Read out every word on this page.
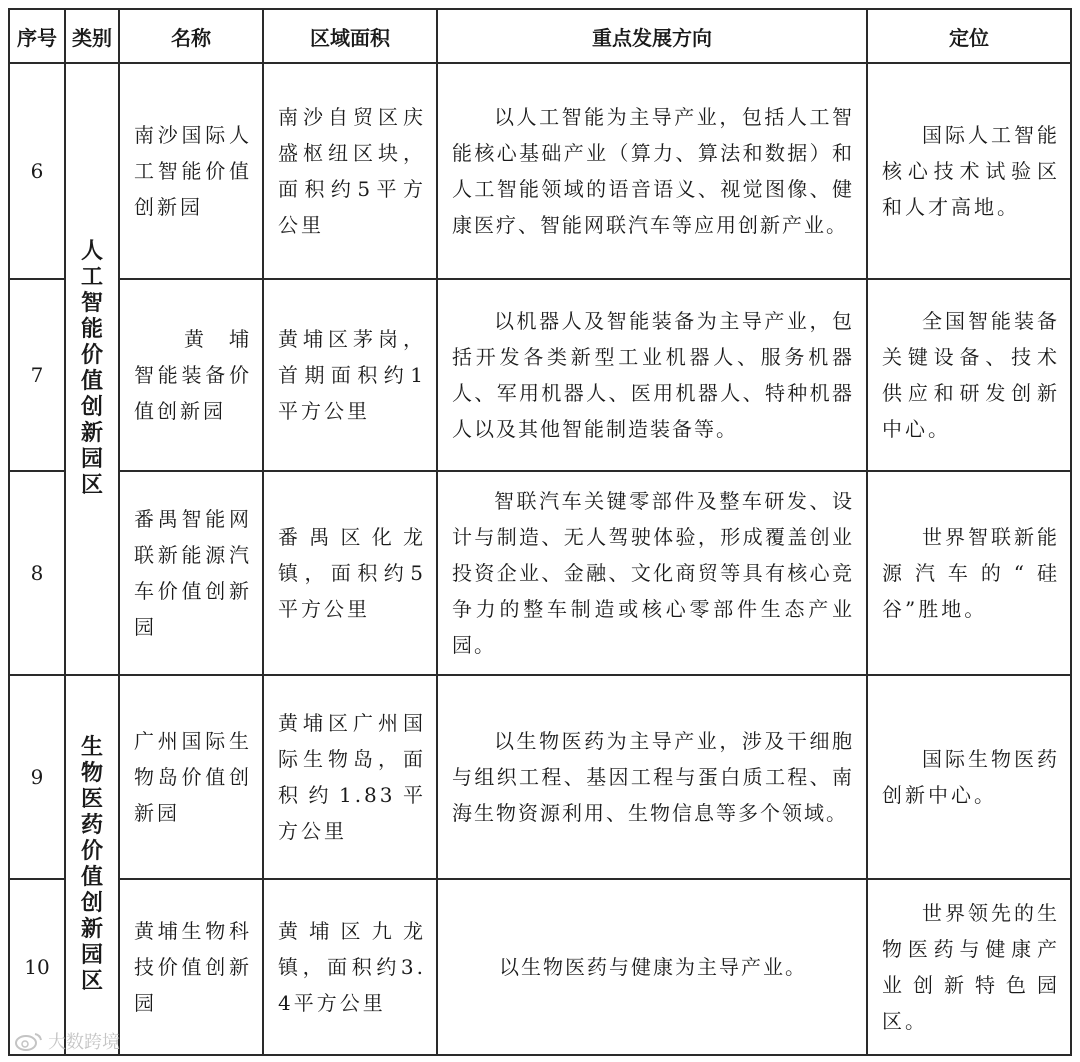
序号	类别	名称	区域面积	重点发展方向	定位
6	人工智能价值创新园区	南沙国际人工智能价值创新园	南沙自贸区庆盛枢纽区块，面积约5平方公里	以人工智能为主导产业，包括人工智能核心基础产业（算力、算法和数据）和人工智能领域的语音语义、视觉图像、健康医疗、智能网联汽车等应用创新产业。	国际人工智能核心技术试验区和人才高地。
7		黄埔智能装备价值创新园	黄埔区茅岗，首期面积约1平方公里	以机器人及智能装备为主导产业，包括开发各类新型工业机器人、服务机器人、军用机器人、医用机器人、特种机器人以及其他智能制造装备等。	全国智能装备关键设备、技术供应和研发创新中心。
8		番禺智能网联新能源汽车价值创新园	番禺区化龙镇，面积约5平方公里	智联汽车关键零部件及整车研发、设计与制造、无人驾驶体验，形成覆盖创业投资企业、金融、文化商贸等具有核心竞争力的整车制造或核心零部件生态产业园。	世界智联新能源汽车的“硅谷”胜地。
9	生物医药价值创新园区	广州国际生物岛价值创新园	黄埔区广州国际生物岛，面积约1.83平方公里	以生物医药为主导产业，涉及干细胞与组织工程、基因工程与蛋白质工程、南海生物资源利用、生物信息等多个领域。	国际生物医药创新中心。
10		黄埔生物科技价值创新园	黄埔区九龙镇，面积约3.4平方公里	以生物医药与健康为主导产业。	世界领先的生物医药与健康产业创新特色园区。
大数跨境
